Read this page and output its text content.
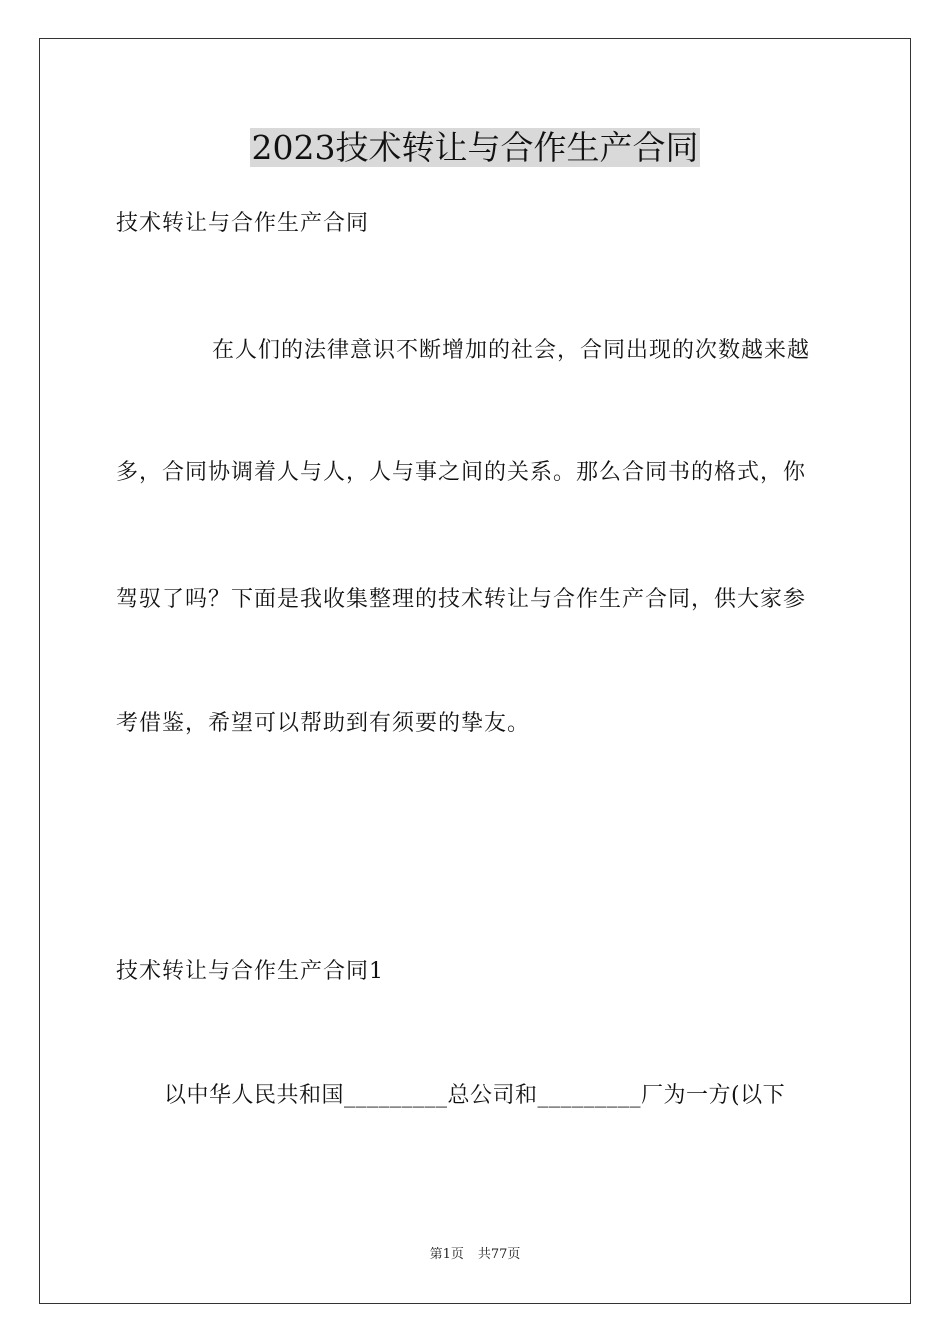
2023技术转让与合作生产合同
技术转让与合作生产合同
在人们的法律意识不断增加的社会，合同出现的次数越来越
多，合同协调着人与人，人与事之间的关系。那么合同书的格式，你
驾驭了吗？下面是我收集整理的技术转让与合作生产合同，供大家参
考借鉴，希望可以帮助到有须要的挚友。
技术转让与合作生产合同1
以中华人民共和国_________总公司和_________厂为一方(以下
第1页 共77页
